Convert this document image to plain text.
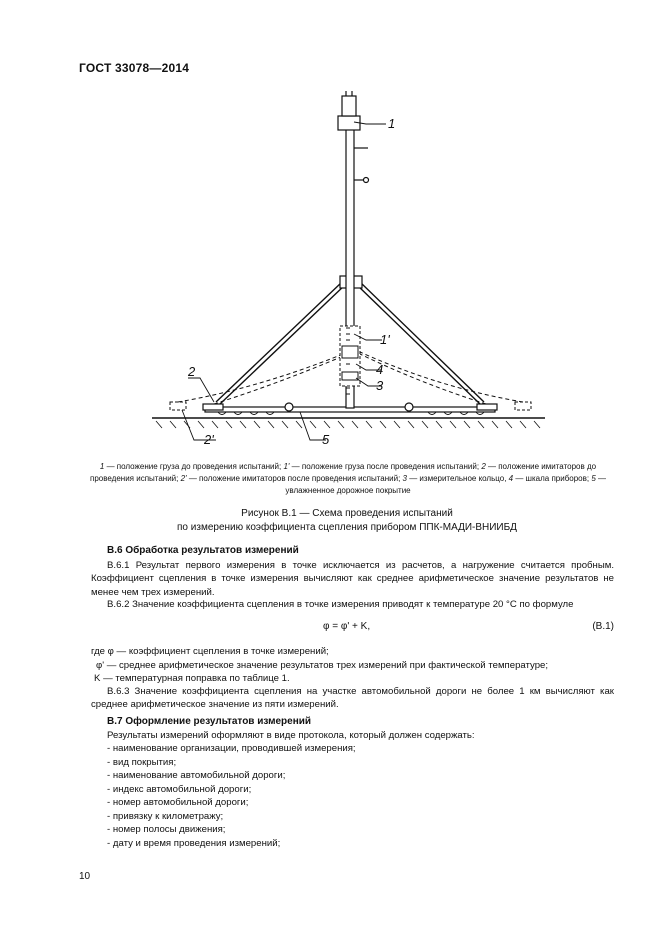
ГОСТ 33078—2014
1
1'
4
3
2
2'	5
1 — положение груза до проведения испытаний; 1' — положение груза после проведения испытаний; 2 — положение имитаторов до проведения испытаний; 2' — положение имитаторов после проведения испытаний; 3 — измерительное кольцо, 4 — шкала приборов; 5 — увлажненное дорожное покрытие
Рисунок В.1 — Схема проведения испытаний
по измерению коэффициента сцепления прибором ППК-МАДИ-ВНИИБД
В.6 Обработка результатов измерений
В.6.1 Результат первого измерения в точке исключается из расчетов, а нагружение считается пробным. Коэффициент сцепления в точке измерения вычисляют как среднее арифметическое значение результатов не менее чем трех измерений.
В.6.2 Значение коэффициента сцепления в точке измерения приводят к температуре 20 °С по формуле
φ = φ' + K,	(В.1)
где φ — коэффициент сцепления в точке измерений;
φ' — среднее арифметическое значение результатов трех измерений при фактической температуре;
K — температурная поправка по таблице 1.
В.6.3 Значение коэффициента сцепления на участке автомобильной дороги не более 1 км вычисляют как среднее арифметическое значение из пяти измерений.
В.7 Оформление результатов измерений
Результаты измерений оформляют в виде протокола, который должен содержать:
- наименование организации, проводившей измерения;
- вид покрытия;
- наименование автомобильной дороги;
- индекс автомобильной дороги;
- номер автомобильной дороги;
- привязку к километражу;
- номер полосы движения;
- дату и время проведения измерений;
10
